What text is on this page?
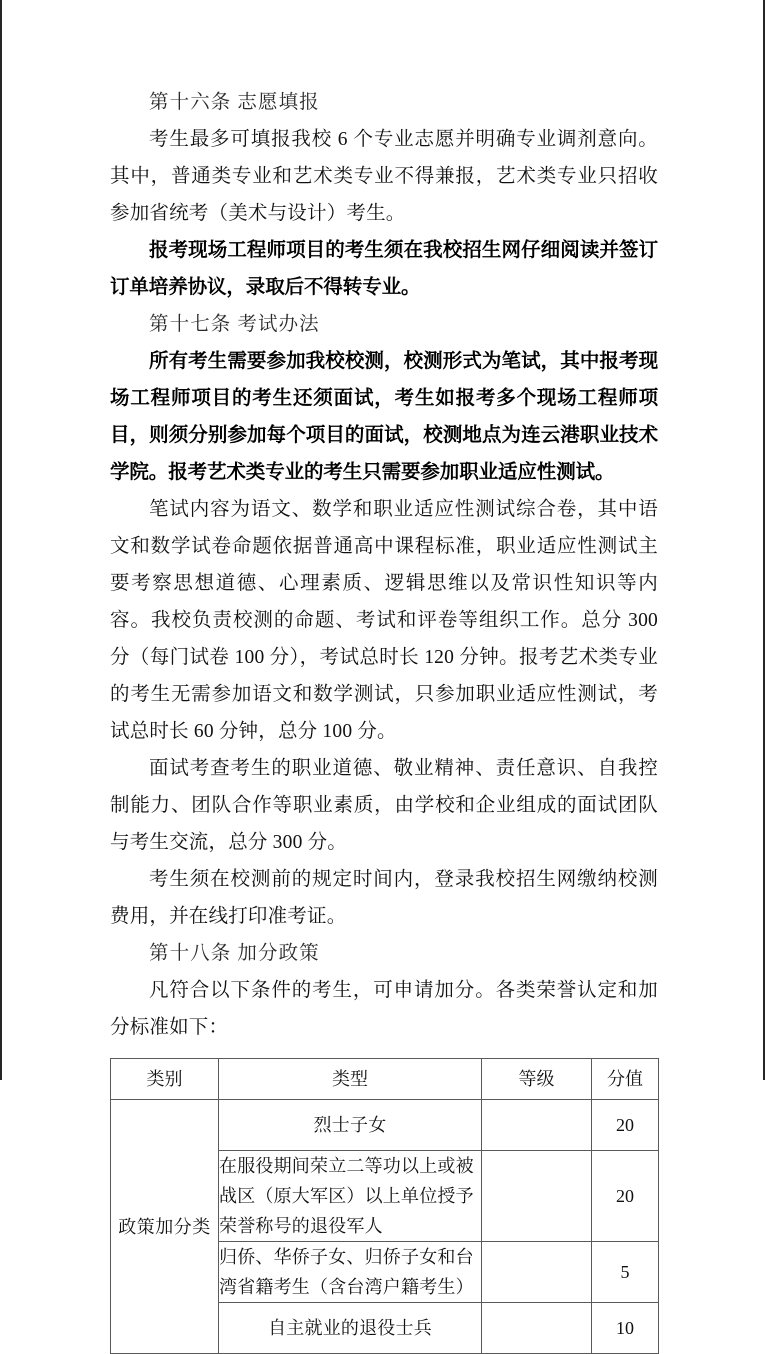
第十六条 志愿填报

考生最多可填报我校 6 个专业志愿并明确专业调剂意向。其中，普通类专业和艺术类专业不得兼报，艺术类专业只招收参加省统考（美术与设计）考生。

报考现场工程师项目的考生须在我校招生网仔细阅读并签订订单培养协议，录取后不得转专业。

第十七条 考试办法

所有考生需要参加我校校测，校测形式为笔试，其中报考现场工程师项目的考生还须面试，考生如报考多个现场工程师项目，则须分别参加每个项目的面试，校测地点为连云港职业技术学院。报考艺术类专业的考生只需要参加职业适应性测试。

笔试内容为语文、数学和职业适应性测试综合卷，其中语文和数学试卷命题依据普通高中课程标准，职业适应性测试主要考察思想道德、心理素质、逻辑思维以及常识性知识等内容。我校负责校测的命题、考试和评卷等组织工作。总分 300 分（每门试卷 100 分），考试总时长 120 分钟。报考艺术类专业的考生无需参加语文和数学测试，只参加职业适应性测试，考试总时长 60 分钟，总分 100 分。

面试考查考生的职业道德、敬业精神、责任意识、自我控制能力、团队合作等职业素质，由学校和企业组成的面试团队与考生交流，总分 300 分。

考生须在校测前的规定时间内，登录我校招生网缴纳校测费用，并在线打印准考证。

第十八条 加分政策

凡符合以下条件的考生，可申请加分。各类荣誉认定和加分标准如下：

类别	类型	等级	分值
政策加分类	烈士子女		20
	在服役期间荣立二等功以上或被战区（原大军区）以上单位授予荣誉称号的退役军人		20
	归侨、华侨子女、归侨子女和台湾省籍考生（含台湾户籍考生）		5
	自主就业的退役士兵		10
